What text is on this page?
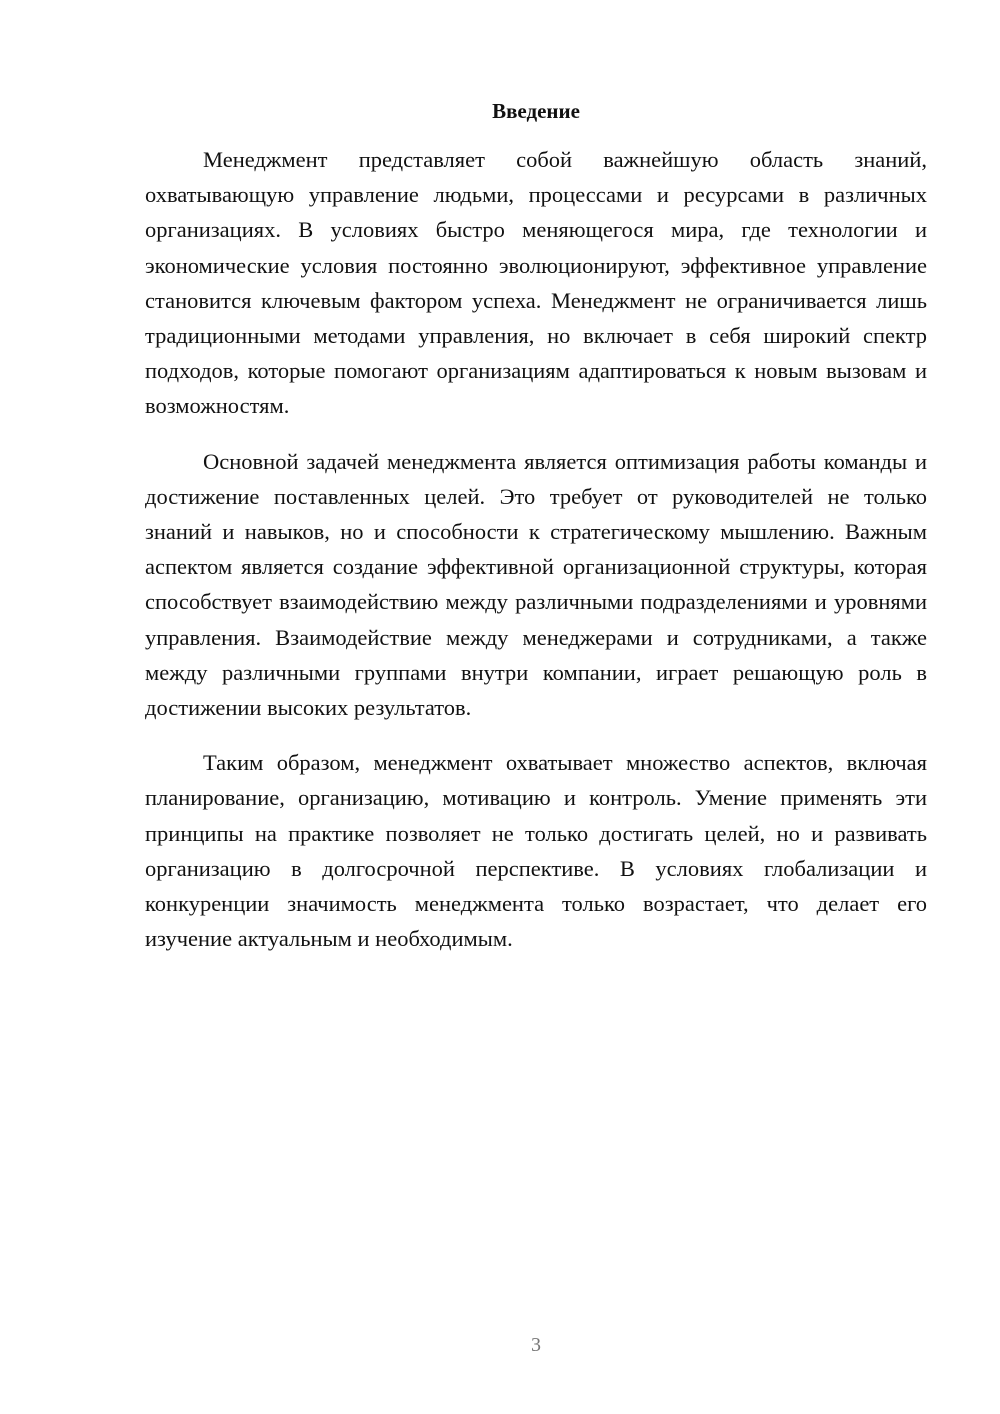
Введение

Менеджмент представляет собой важнейшую область знаний, охватывающую управление людьми, процессами и ресурсами в различных организациях. В условиях быстро меняющегося мира, где технологии и экономические условия постоянно эволюционируют, эффективное управление становится ключевым фактором успеха. Менеджмент не ограничивается лишь традиционными методами управления, но включает в себя широкий спектр подходов, которые помогают организациям адаптироваться к новым вызовам и возможностям.

Основной задачей менеджмента является оптимизация работы команды и достижение поставленных целей. Это требует от руководителей не только знаний и навыков, но и способности к стратегическому мышлению. Важным аспектом является создание эффективной организационной структуры, которая способствует взаимодействию между различными подразделениями и уровнями управления. Взаимодействие между менеджерами и сотрудниками, а также между различными группами внутри компании, играет решающую роль в достижении высоких результатов.

Таким образом, менеджмент охватывает множество аспектов, включая планирование, организацию, мотивацию и контроль. Умение применять эти принципы на практике позволяет не только достигать целей, но и развивать организацию в долгосрочной перспективе. В условиях глобализации и конкуренции значимость менеджмента только возрастает, что делает его изучение актуальным и необходимым.

3
